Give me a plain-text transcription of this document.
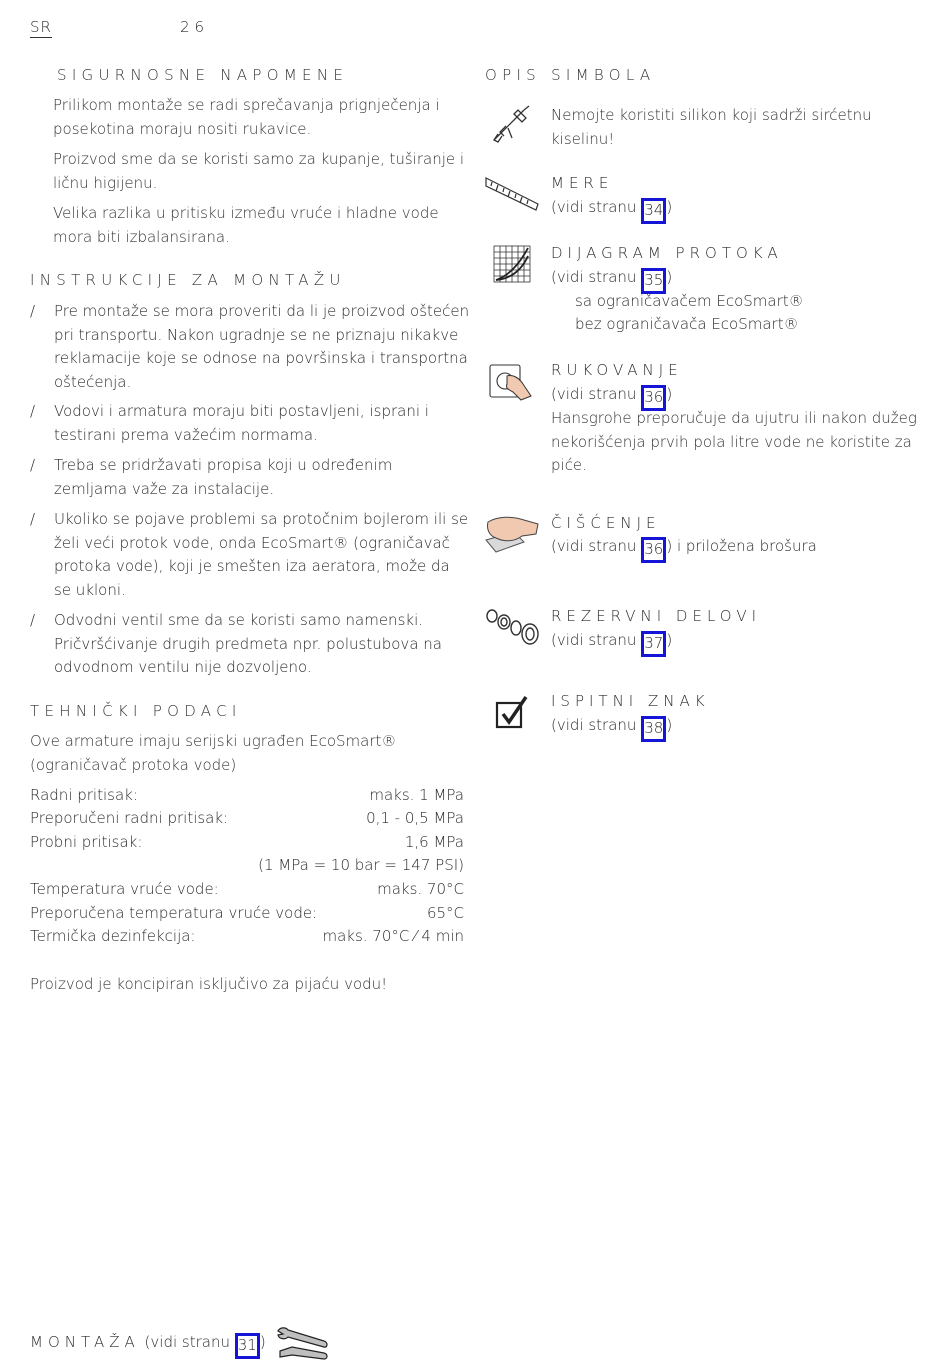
SR	26
SIGURNOSNE NAPOMENE
Prilikom montaže se radi sprečavanja prignječenja i posekotina moraju nositi rukavice.
Proizvod sme da se koristi samo za kupanje, tuširanje i ličnu higijenu.
Velika razlika u pritisku između vruće i hladne vode mora biti izbalansirana.
INSTRUKCIJE ZA MONTAŽU
/ Pre montaže se mora proveriti da li je proizvod oštećen pri transportu. Nakon ugradnje se ne priznaju nikakve reklamacije koje se odnose na površinska i transportna oštećenja.
/ Vodovi i armatura moraju biti postavljeni, isprani i testirani prema važećim normama.
/ Treba se pridržavati propisa koji u određenim zemljama važe za instalacije.
/ Ukoliko se pojave problemi sa protočnim bojlerom ili se želi veći protok vode, onda EcoSmart® (ograničavač protoka vode), koji je smešten iza aeratora, može da se ukloni.
/ Odvodni ventil sme da se koristi samo namenski. Pričvršćivanje drugih predmeta npr. polustubova na odvodnom ventilu nije dozvoljeno.
TEHNIČKI PODACI
Ove armature imaju serijski ugrađen EcoSmart® (ograničavač protoka vode)
Radni pritisak:	maks. 1 MPa
Preporučeni radni pritisak:	0,1 - 0,5 MPa
Probni pritisak:	1,6 MPa
(1 MPa = 10 bar = 147 PSI)
Temperatura vruće vode:	maks. 70°C
Preporučena temperatura vruće vode:	65°C
Termička dezinfekcija:	maks. 70°C ⁄ 4 min
Proizvod je koncipiran isključivo za pijaću vodu!
OPIS SIMBOLA
Nemojte koristiti silikon koji sadrži sirćetnu kiselinu!
MERE
(vidi stranu 34 )
DIJAGRAM PROTOKA
(vidi stranu 35 )
sa ograničavačem EcoSmart®
bez ograničavača EcoSmart®
RUKOVANJE
(vidi stranu 36 )
Hansgrohe preporučuje da ujutru ili nakon dužeg nekorišćenja prvih pola litre vode ne koristite za piće.
ČIŠĆENJE
(vidi stranu 36 ) i priložena brošura
REZERVNI DELOVI
(vidi stranu 37 )
ISPITNI ZNAK
(vidi stranu 38 )
MONTAŽA (vidi stranu 31 )
